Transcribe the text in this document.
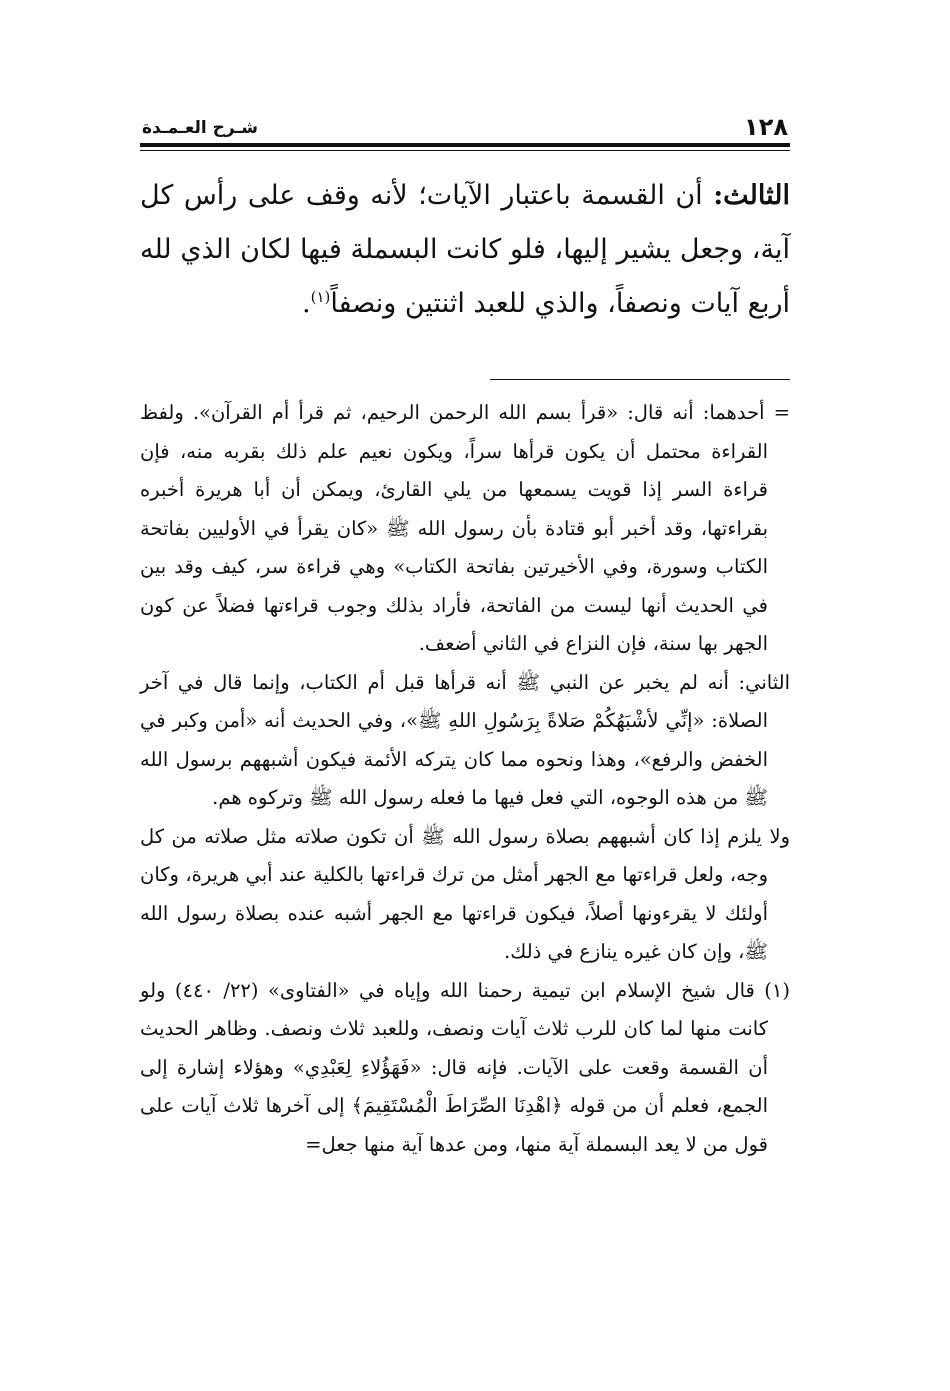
١٢٨
شـرح العـمـدة
الثالث: أن القسمة باعتبار الآيات؛ لأنه وقف على رأس كل آية، وجعل يشير إليها، فلو كانت البسملة فيها لكان الذي لله أربع آيات ونصفاً، والذي للعبد اثنتين ونصفاً$^{(١)}$.

= أحدهما: أنه قال: «قرأ بسم الله الرحمن الرحيم، ثم قرأ أم القرآن». ولفظ القراءة محتمل أن يكون قرأها سراً، ويكون نعيم علم ذلك بقربه منه، فإن قراءة السر إذا قويت يسمعها من يلي القارئ، ويمكن أن أبا هريرة أخبره بقراءتها، وقد أخبر أبو قتادة بأن رسول الله ﷺ «كان يقرأ في الأوليين بفاتحة الكتاب وسورة، وفي الأخيرتين بفاتحة الكتاب» وهي قراءة سر، كيف وقد بين في الحديث أنها ليست من الفاتحة، فأراد بذلك وجوب قراءتها فضلاً عن كون الجهر بها سنة، فإن النزاع في الثاني أضعف.

الثاني: أنه لم يخبر عن النبي ﷺ أنه قرأها قبل أم الكتاب، وإنما قال في آخر الصلاة: «إنِّي لأشْبَهُكُمْ صَلاةً بِرَسُولِ اللهِ ﷺ»، وفي الحديث أنه «أمن وكبر في الخفض والرفع»، وهذا ونحوه مما كان يتركه الأئمة فيكون أشبههم برسول الله ﷺ من هذه الوجوه، التي فعل فيها ما فعله رسول الله ﷺ وتركوه هم.

ولا يلزم إذا كان أشبههم بصلاة رسول الله ﷺ أن تكون صلاته مثل صلاته من كل وجه، ولعل قراءتها مع الجهر أمثل من ترك قراءتها بالكلية عند أبي هريرة، وكان أولئك لا يقرءونها أصلاً، فيكون قراءتها مع الجهر أشبه عنده بصلاة رسول الله ﷺ، وإن كان غيره ينازع في ذلك.

(١) قال شيخ الإسلام ابن تيمية رحمنا الله وإياه في «الفتاوى» (٢٢/ ٤٤٠) ولو كانت منها لما كان للرب ثلاث آيات ونصف، وللعبد ثلاث ونصف. وظاهر الحديث أن القسمة وقعت على الآيات. فإنه قال: «فَهَؤُلاءِ لِعَبْدِي» وهؤلاء إشارة إلى الجمع، فعلم أن من قوله ﴿اهْدِنَا الصِّرَاطَ الْمُسْتَقِيمَ﴾ إلى آخرها ثلاث آيات على قول من لا يعد البسملة آية منها، ومن عدها آية منها جعل=
